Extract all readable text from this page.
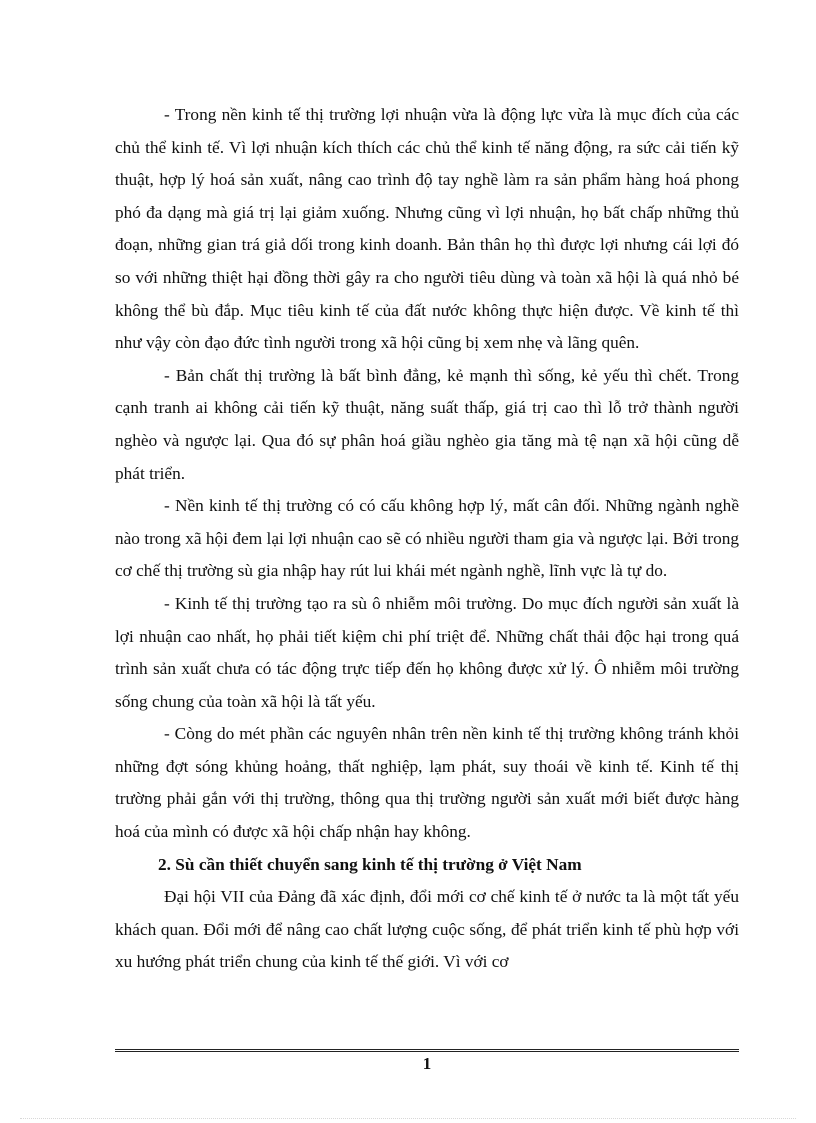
- Trong nền kinh tế thị trường lợi nhuận vừa là động lực vừa là mục đích của các chủ thể kinh tế. Vì lợi nhuận kích thích các chủ thể kinh tế năng động, ra sức cải tiến kỹ thuật, hợp lý hoá sản xuất, nâng cao trình độ tay nghề làm ra sản phẩm hàng hoá phong phó đa dạng mà giá trị lại giảm xuống. Nhưng cũng vì lợi nhuận, họ bất chấp những thủ đoạn, những gian trá giả dối trong kinh doanh. Bản thân họ thì được lợi nhưng cái lợi đó so với những thiệt hại đồng thời gây ra cho người tiêu dùng và toàn xã hội là quá nhỏ bé không thể bù đắp. Mục tiêu kinh tế của đất nước không thực hiện được. Về kinh tế thì như vậy còn đạo đức tình người trong xã hội cũng bị xem nhẹ và lãng quên.

- Bản chất thị trường là bất bình đẳng, kẻ mạnh thì sống, kẻ yếu thì chết. Trong cạnh tranh ai không cải tiến kỹ thuật, năng suất thấp, giá trị cao thì lỗ trở thành người nghèo và ngược lại. Qua đó sự phân hoá giầu nghèo gia tăng mà tệ nạn xã hội cũng dễ phát triển.

- Nền kinh tế thị trường có có cấu không hợp lý, mất cân đối. Những ngành nghề nào trong xã hội đem lại lợi nhuận cao sẽ có nhiều người tham gia và ngược lại. Bởi trong cơ chế thị trường sù gia nhập hay rút lui khái mét ngành nghề, lĩnh vực là tự do.

- Kinh tế thị trường tạo ra sù ô nhiễm môi trường. Do mục đích người sản xuất là lợi nhuận cao nhất, họ phải tiết kiệm chi phí triệt để. Những chất thải độc hại trong quá trình sản xuất chưa có tác động trực tiếp đến họ không được xử lý. Ô nhiễm môi trường sống chung của toàn xã hội là tất yếu.

- Còng do mét phần các nguyên nhân trên nền kinh tế thị trường không tránh khỏi những đợt sóng khủng hoảng, thất nghiệp, lạm phát, suy thoái về kinh tế. Kinh tế thị trường phải gắn với thị trường, thông qua thị trường người sản xuất mới biết được hàng hoá của mình có được xã hội chấp nhận hay không.

2. Sù cần thiết chuyển sang kinh tế thị trường ở Việt Nam

Đại hội VII của Đảng đã xác định, đổi mới cơ chế kinh tế ở nước ta là một tất yếu khách quan. Đổi mới để nâng cao chất lượng cuộc sống, để phát triển kinh tế phù hợp với xu hướng phát triển chung của kinh tế thế giới. Vì với cơ

1
